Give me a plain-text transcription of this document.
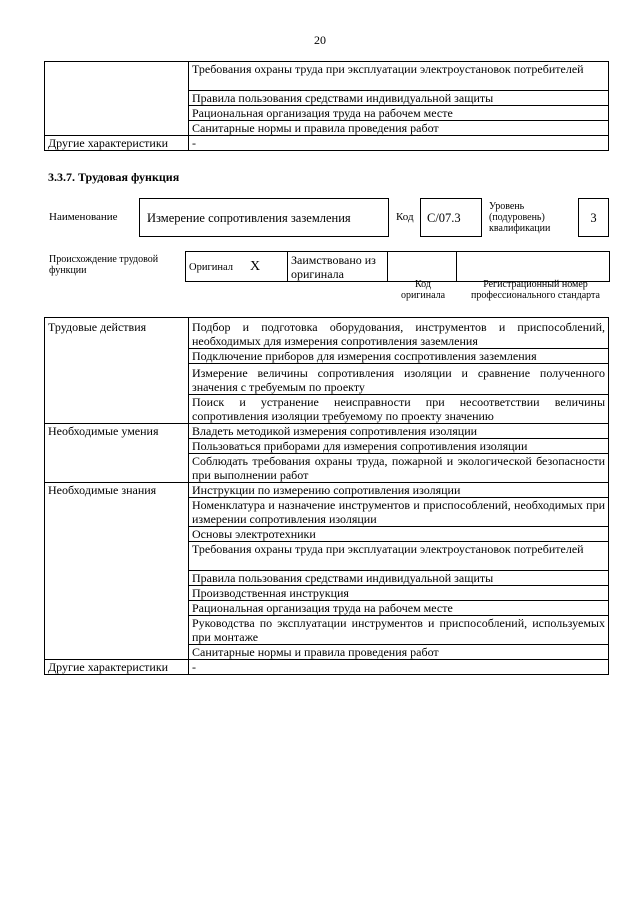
20
	Требования охраны труда при эксплуатации электроустановок потребителей
	Правила пользования средствами индивидуальной защиты
	Рациональная организация труда на рабочем месте
	Санитарные нормы и правила проведения работ
Другие характеристики	-
3.3.7. Трудовая функция
Наименование	Измерение сопротивления заземления	Код	С/07.3
Уровень (подуровень) квалификации
3
Происхождение трудовой функции	Оригинал X	Заимствовано из оригинала		
Код оригинала
Регистрационный номер профессионального стандарта
Трудовые действия	Подбор и подготовка оборудования, инструментов и приспособлений, необходимых для измерения сопротивления заземления
	Подключение приборов для измерения соспротивления заземления
	Измерение величины сопротивления изоляции и сравнение полученного значения с требуемым по проекту
	Поиск и устранение неисправности при несоответствии величины сопротивления изоляции требуемому по проекту значению
Необходимые умения	Владеть методикой измерения сопротивления изоляции
	Пользоваться приборами для измерения сопротивления изоляции
	Соблюдать требования охраны труда, пожарной и экологической безопасности при выполнении работ
Необходимые знания	Инструкции по измерению сопротивления изоляции
	Номенклатура и назначение инструментов и приспособлений, необходимых при измерении сопротивления изоляции
	Основы электротехники
	Требования охраны труда при эксплуатации электроустановок потребителей
	Правила пользования средствами индивидуальной защиты
	Производственная инструкция
	Рациональная организация труда на рабочем месте
	Руководства по эксплуатации инструментов и приспособлений, используемых при монтаже
	Санитарные нормы и правила проведения работ
Другие характеристики	-
